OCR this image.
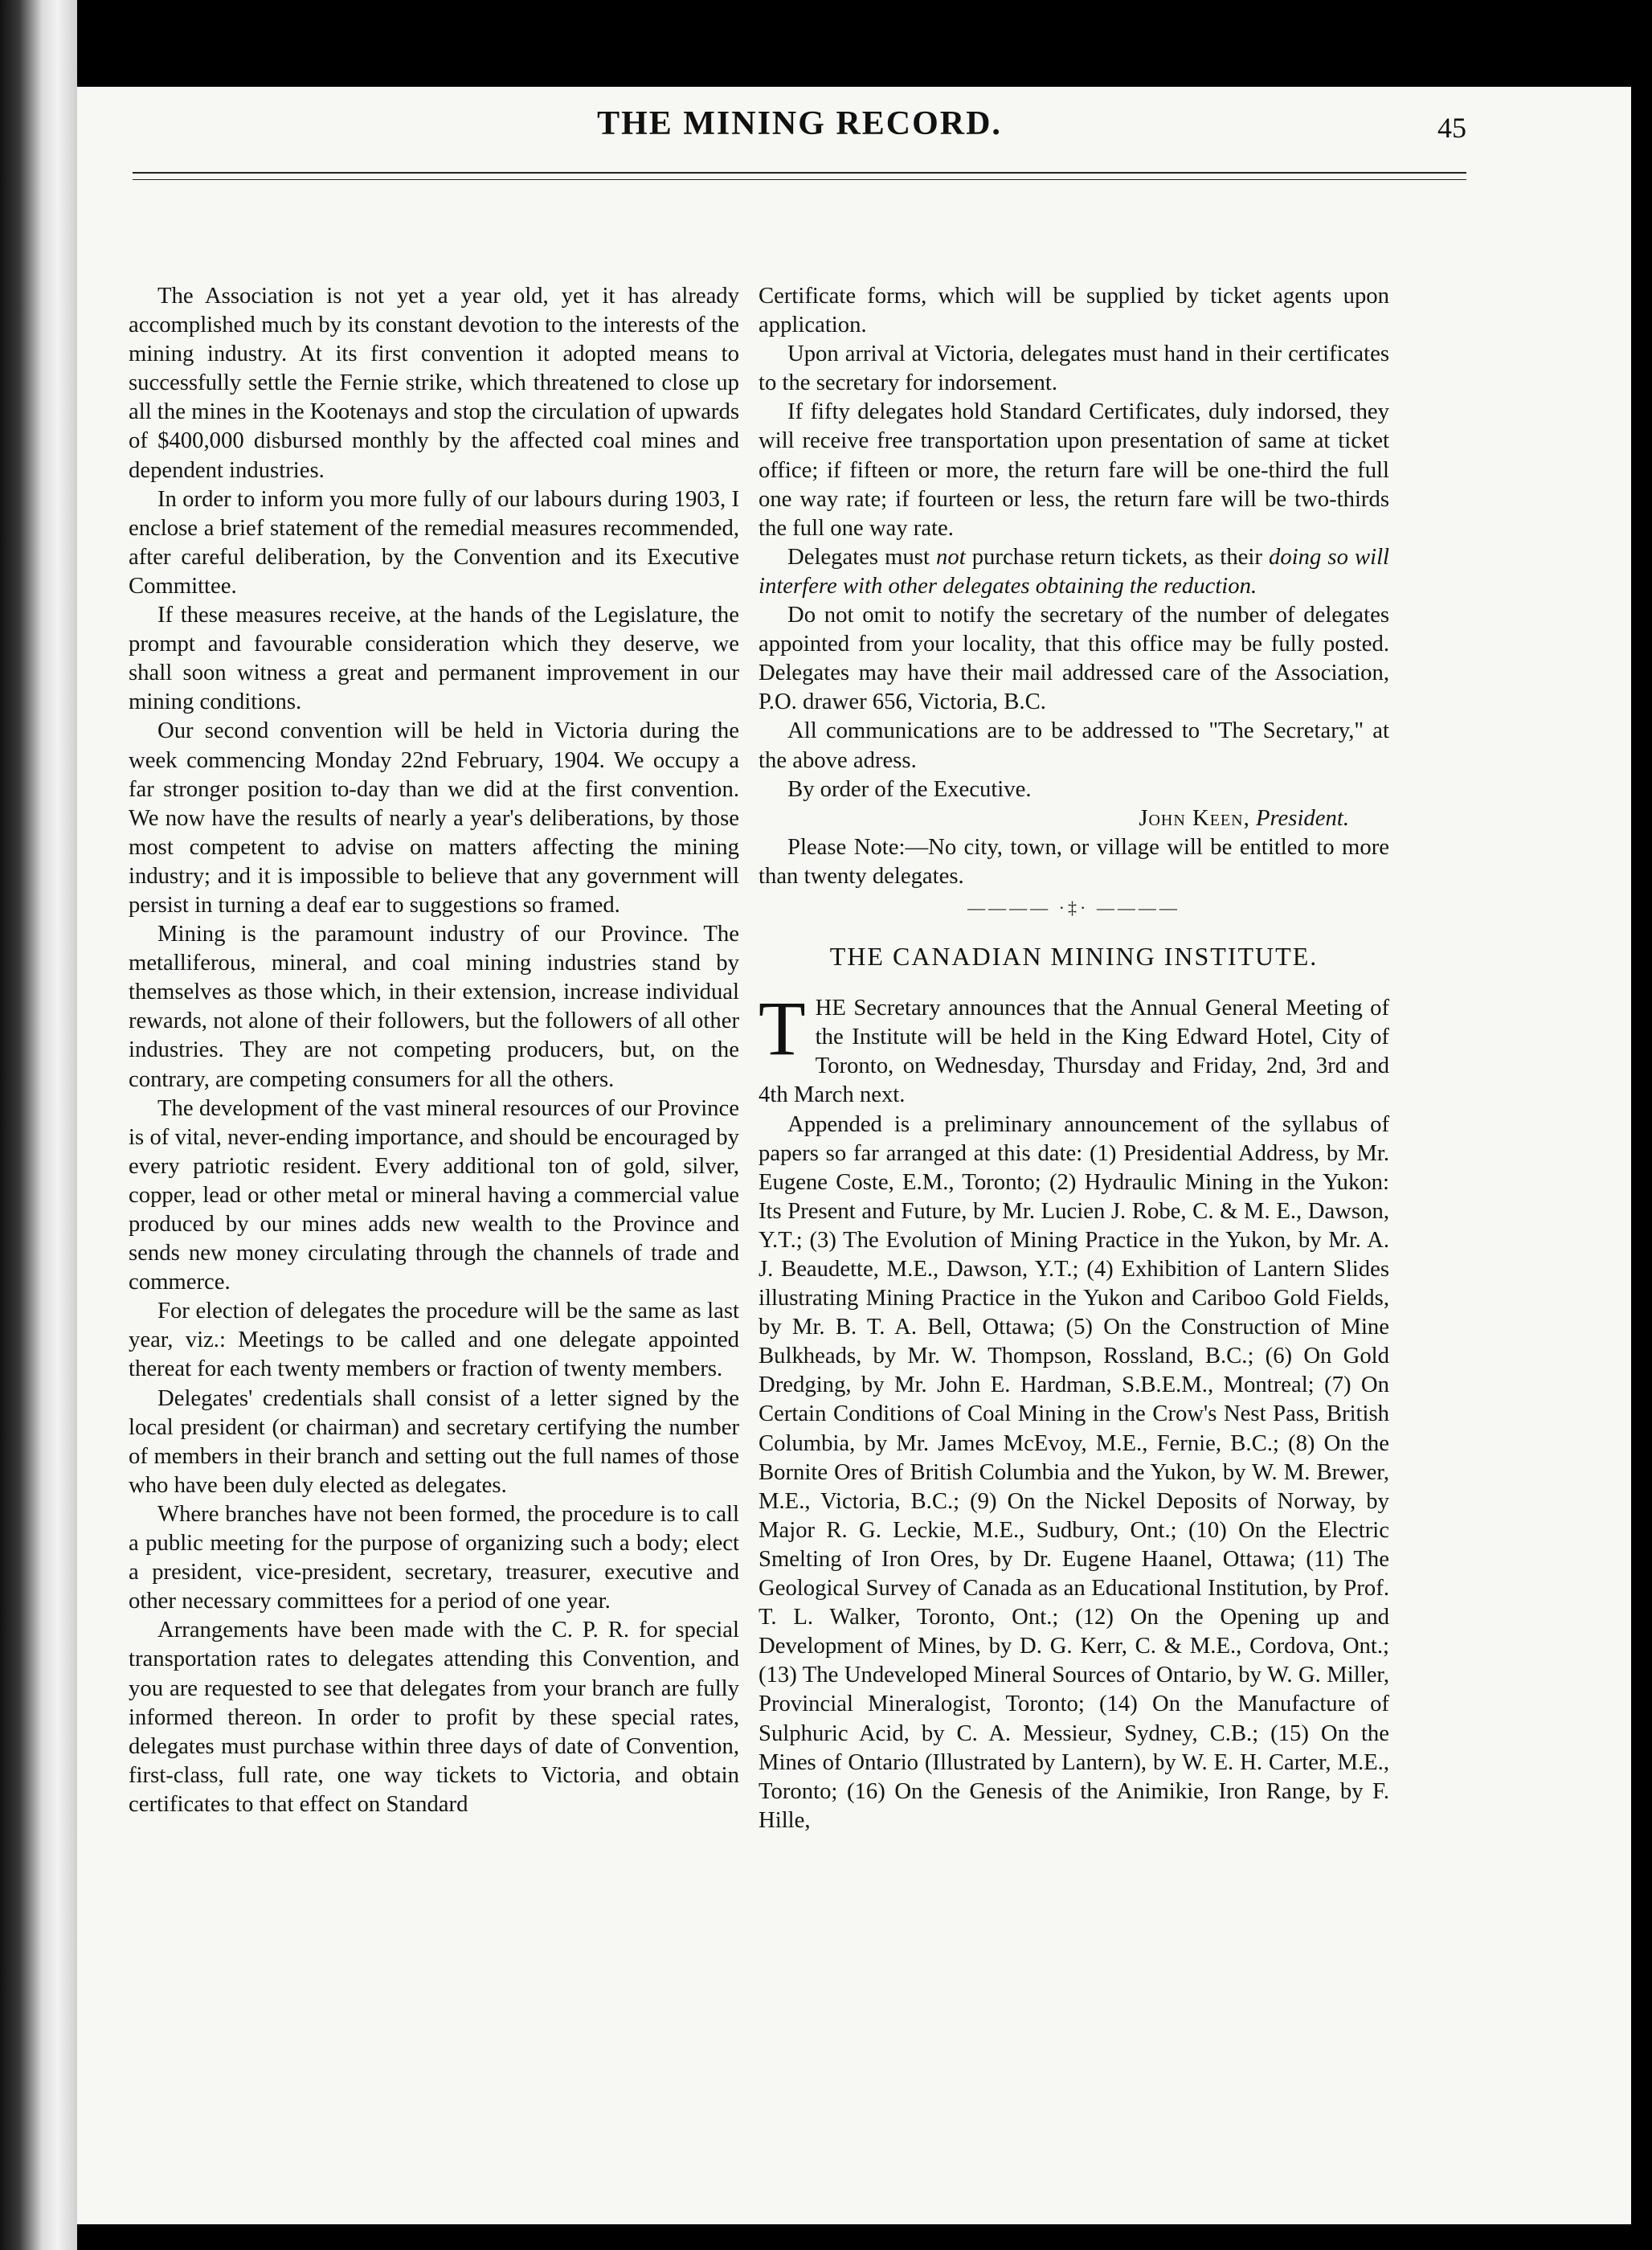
THE MINING RECORD.	45

The Association is not yet a year old, yet it has already accomplished much by its constant devotion to the interests of the mining industry. At its first convention it adopted means to successfully settle the Fernie strike, which threatened to close up all the mines in the Kootenays and stop the circulation of upwards of $400,000 disbursed monthly by the affected coal mines and dependent industries.

In order to inform you more fully of our labours during 1903, I enclose a brief statement of the remedial measures recommended, after careful deliberation, by the Convention and its Executive Committee.

If these measures receive, at the hands of the Legislature, the prompt and favourable consideration which they deserve, we shall soon witness a great and permanent improvement in our mining conditions.

Our second convention will be held in Victoria during the week commencing Monday 22nd February, 1904. We occupy a far stronger position to-day than we did at the first convention. We now have the results of nearly a year's deliberations, by those most competent to advise on matters affecting the mining industry; and it is impossible to believe that any government will persist in turning a deaf ear to suggestions so framed.

Mining is the paramount industry of our Province. The metalliferous, mineral, and coal mining industries stand by themselves as those which, in their extension, increase individual rewards, not alone of their followers, but the followers of all other industries. They are not competing producers, but, on the contrary, are competing consumers for all the others.

The development of the vast mineral resources of our Province is of vital, never-ending importance, and should be encouraged by every patriotic resident. Every additional ton of gold, silver, copper, lead or other metal or mineral having a commercial value produced by our mines adds new wealth to the Province and sends new money circulating through the channels of trade and commerce.

For election of delegates the procedure will be the same as last year, viz.: Meetings to be called and one delegate appointed thereat for each twenty members or fraction of twenty members.

Delegates' credentials shall consist of a letter signed by the local president (or chairman) and secretary certifying the number of members in their branch and setting out the full names of those who have been duly elected as delegates.

Where branches have not been formed, the procedure is to call a public meeting for the purpose of organizing such a body; elect a president, vice-president, secretary, treasurer, executive and other necessary committees for a period of one year.

Arrangements have been made with the C. P. R. for special transportation rates to delegates attending this Convention, and you are requested to see that delegates from your branch are fully informed thereon. In order to profit by these special rates, delegates must purchase within three days of date of Convention, first-class, full rate, one way tickets to Victoria, and obtain certificates to that effect on Standard

Certificate forms, which will be supplied by ticket agents upon application.

Upon arrival at Victoria, delegates must hand in their certificates to the secretary for indorsement.

If fifty delegates hold Standard Certificates, duly indorsed, they will receive free transportation upon presentation of same at ticket office; if fifteen or more, the return fare will be one-third the full one way rate; if fourteen or less, the return fare will be two-thirds the full one way rate.

Delegates must not purchase return tickets, as their doing so will interfere with other delegates obtaining the reduction.

Do not omit to notify the secretary of the number of delegates appointed from your locality, that this office may be fully posted. Delegates may have their mail addressed care of the Association, P.O. drawer 656, Victoria, B.C.

All communications are to be addressed to "The Secretary," at the above adress.

By order of the Executive.

John Keen, President.

Please Note:—No city, town, or village will be entitled to more than twenty delegates.

———— ·‡· ————
THE CANADIAN MINING INSTITUTE.

THE Secretary announces that the Annual General Meeting of the Institute will be held in the King Edward Hotel, City of Toronto, on Wednesday, Thursday and Friday, 2nd, 3rd and 4th March next.

Appended is a preliminary announcement of the syllabus of papers so far arranged at this date: (1) Presidential Address, by Mr. Eugene Coste, E.M., Toronto; (2) Hydraulic Mining in the Yukon: Its Present and Future, by Mr. Lucien J. Robe, C. & M. E., Dawson, Y.T.; (3) The Evolution of Mining Practice in the Yukon, by Mr. A. J. Beaudette, M.E., Dawson, Y.T.; (4) Exhibition of Lantern Slides illustrating Mining Practice in the Yukon and Cariboo Gold Fields, by Mr. B. T. A. Bell, Ottawa; (5) On the Construction of Mine Bulkheads, by Mr. W. Thompson, Rossland, B.C.; (6) On Gold Dredging, by Mr. John E. Hardman, S.B.E.M., Montreal; (7) On Certain Conditions of Coal Mining in the Crow's Nest Pass, British Columbia, by Mr. James McEvoy, M.E., Fernie, B.C.; (8) On the Bornite Ores of British Columbia and the Yukon, by W. M. Brewer, M.E., Victoria, B.C.; (9) On the Nickel Deposits of Norway, by Major R. G. Leckie, M.E., Sudbury, Ont.; (10) On the Electric Smelting of Iron Ores, by Dr. Eugene Haanel, Ottawa; (11) The Geological Survey of Canada as an Educational Institution, by Prof. T. L. Walker, Toronto, Ont.; (12) On the Opening up and Development of Mines, by D. G. Kerr, C. & M.E., Cordova, Ont.; (13) The Undeveloped Mineral Sources of Ontario, by W. G. Miller, Provincial Mineralogist, Toronto; (14) On the Manufacture of Sulphuric Acid, by C. A. Messieur, Sydney, C.B.; (15) On the Mines of Ontario (Illustrated by Lantern), by W. E. H. Carter, M.E., Toronto; (16) On the Genesis of the Animikie, Iron Range, by F. Hille,
